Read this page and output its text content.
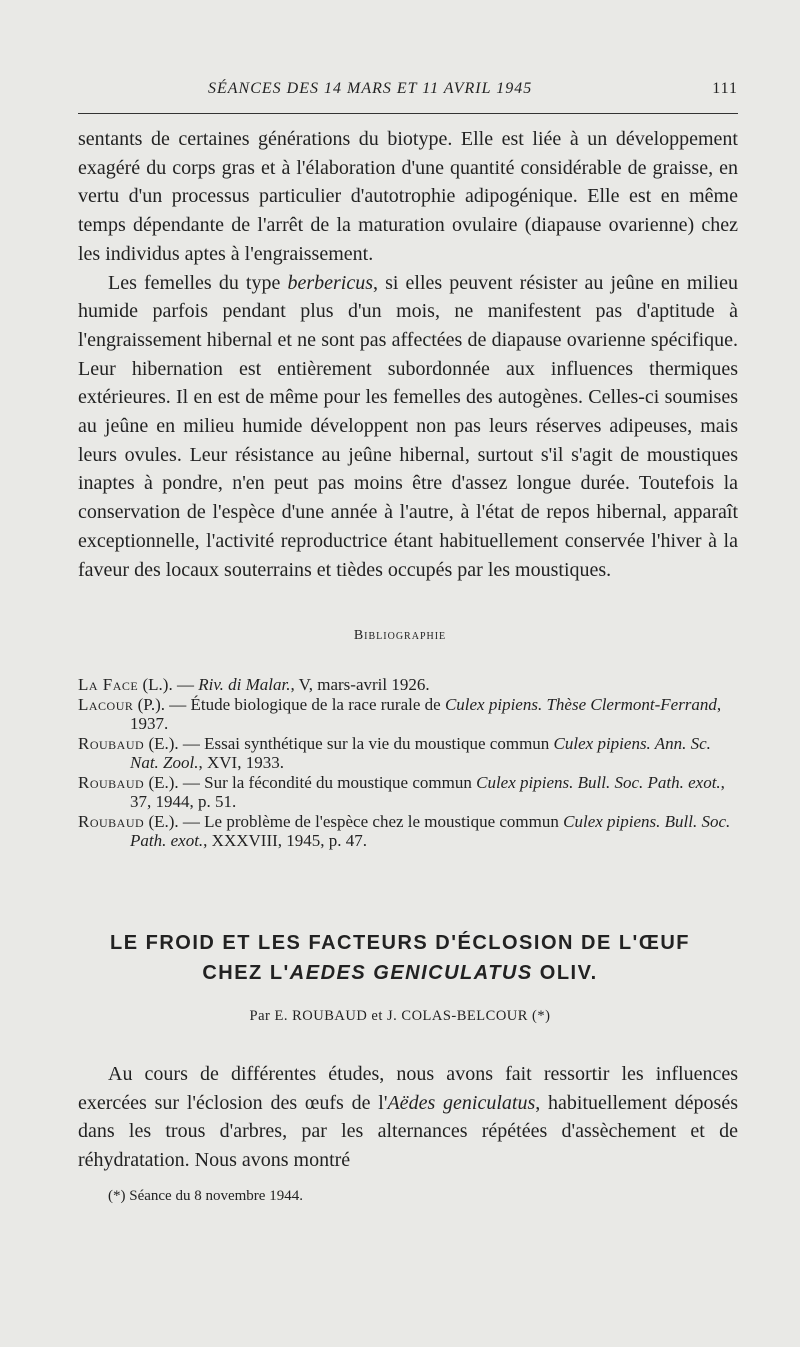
SÉANCES DES 14 MARS ET 11 AVRIL 1945	111

sentants de certaines générations du biotype. Elle est liée à un développement exagéré du corps gras et à l'élaboration d'une quantité considérable de graisse, en vertu d'un processus particulier d'autotrophie adipogénique. Elle est en même temps dépendante de l'arrêt de la maturation ovulaire (diapause ovarienne) chez les individus aptes à l'engraissement.

Les femelles du type berbericus, si elles peuvent résister au jeûne en milieu humide parfois pendant plus d'un mois, ne manifestent pas d'aptitude à l'engraissement hibernal et ne sont pas affectées de diapause ovarienne spécifique. Leur hibernation est entièrement subordonnée aux influences thermiques extérieures. Il en est de même pour les femelles des autogènes. Celles-ci soumises au jeûne en milieu humide développent non pas leurs réserves adipeuses, mais leurs ovules. Leur résistance au jeûne hibernal, surtout s'il s'agit de moustiques inaptes à pondre, n'en peut pas moins être d'assez longue durée. Toutefois la conservation de l'espèce d'une année à l'autre, à l'état de repos hibernal, apparaît exceptionnelle, l'activité reproductrice étant habituellement conservée l'hiver à la faveur des locaux souterrains et tièdes occupés par les moustiques.

Bibliographie

La Face (L.). — Riv. di Malar., V, mars-avril 1926.

Lacour (P.). — Étude biologique de la race rurale de Culex pipiens. Thèse Clermont-Ferrand, 1937.

Roubaud (E.). — Essai synthétique sur la vie du moustique commun Culex pipiens. Ann. Sc. Nat. Zool., XVI, 1933.

Roubaud (E.). — Sur la fécondité du moustique commun Culex pipiens. Bull. Soc. Path. exot., 37, 1944, p. 51.

Roubaud (E.). — Le problème de l'espèce chez le moustique commun Culex pipiens. Bull. Soc. Path. exot., XXXVIII, 1945, p. 47.

LE FROID ET LES FACTEURS D'ÉCLOSION DE L'ŒUF
CHEZ L'AEDES GENICULATUS OLIV.
Par E. ROUBAUD et J. COLAS-BELCOUR (*)

Au cours de différentes études, nous avons fait ressortir les influences exercées sur l'éclosion des œufs de l'Aëdes geniculatus, habituellement déposés dans les trous d'arbres, par les alternances répétées d'assèchement et de réhydratation. Nous avons montré

(*) Séance du 8 novembre 1944.
